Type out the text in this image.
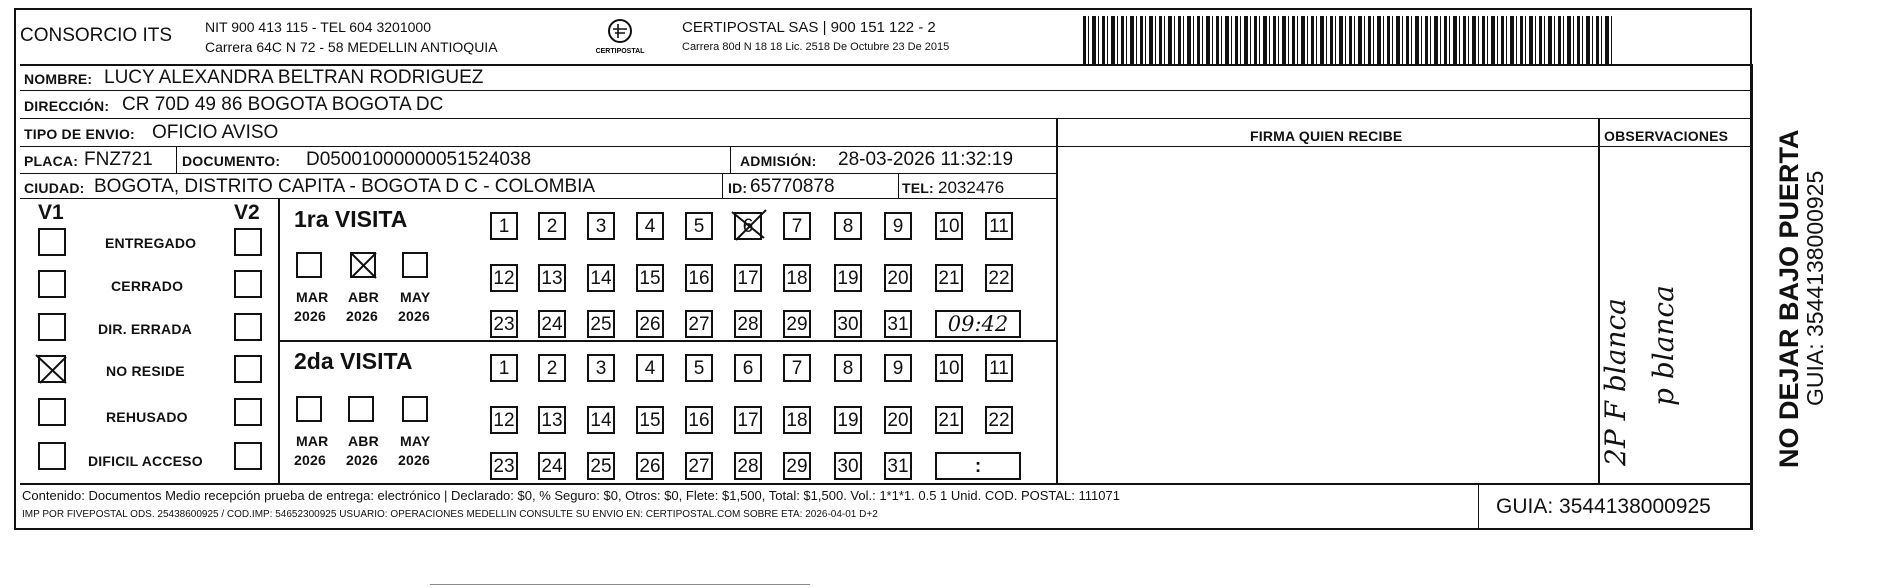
CONSORCIO ITS NIT 900 413 115 - TEL 604 3201000
Carrera 64C N 72 - 58 MEDELLIN ANTIOQUIA	CERTIPOSTAL
CERTIPOSTAL SAS | 900 151 122 - 2
Carrera 80d N 18 18 Lic. 2518 De Octubre 23 De 2015
NOMBRE: LUCY ALEXANDRA BELTRAN RODRIGUEZ
DIRECCIÓN: CR 70D 49 86 BOGOTA BOGOTA DC
TIPO DE ENVIO: OFICIO AVISO	FIRMA QUIEN RECIBE	OBSERVACIONES
PLACA: FNZ721 DOCUMENTO: D05001000000051524038	ADMISIÓN: 28-03-2026 11:32:19
CIUDAD: BOGOTA, DISTRITO CAPITA - BOGOTA D C - COLOMBIA	ID: 65770878	TEL: 2032476
V1	V2
ENTREGADO
CERRADO
DIR. ERRADA
NO RESIDE
REHUSADO
DIFICIL ACCESO
1ra VISITA
MAR ABR MAY
2026 2026 2026
2da VISITA
MAR ABR MAY
2026 2026 2026
1	2	3	4	5	6	7	8	9	10 11
12 13 14 15 16 17 18 19 20 21 22
23 24 25 26 27 28 29 30 31	09:42
1	2	3	4	5	6	7	8	9	10 11
12 13 14 15 16 17 18 19 20 21 22
23 24 25 26 27 28 29 30 31	:
Contenido: Documentos Medio recepción prueba de entrega: electrónico | Declarado: $0, % Seguro: $0, Otros: $0, Flete: $1,500, Total: $1,500. Vol.: 1*1*1. 0.5 1 Unid. COD. POSTAL: 111071
IMP POR FIVEPOSTAL ODS. 25438600925 / COD.IMP: 54652300925 USUARIO: OPERACIONES MEDELLIN CONSULTE SU ENVIO EN: CERTIPOSTAL.COM SOBRE ETA: 2026-04-01 D+2	GUIA: 3544138000925
NO DEJAR BAJO PUERTA
GUIA: 3544138000925
2P F blanca p blanca
